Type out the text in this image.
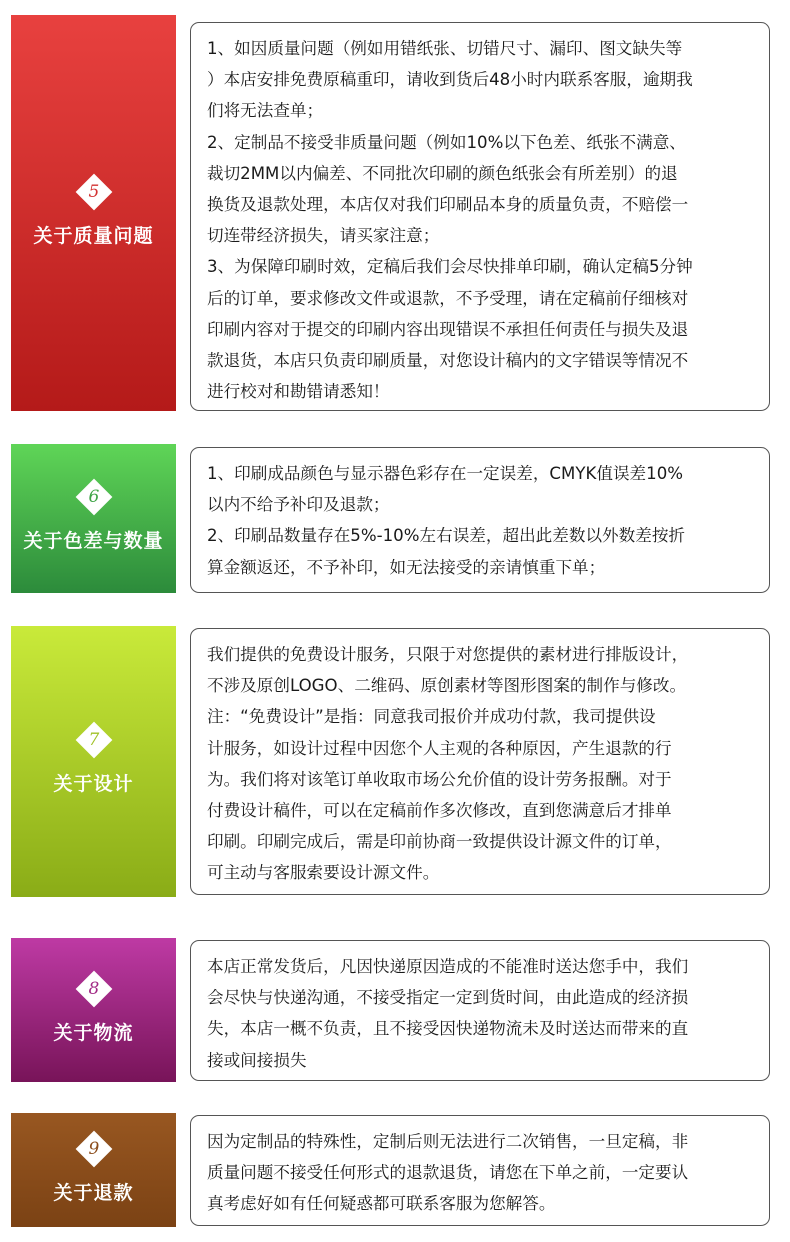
5
关于质量问题

1、如因质量问题（例如用错纸张、切错尺寸、漏印、图文缺失等
）本店安排免费原稿重印，请收到货后48小时内联系客服，逾期我
们将无法查单；
2、定制品不接受非质量问题（例如10%以下色差、纸张不满意、
裁切2MM以内偏差、不同批次印刷的颜色纸张会有所差别）的退
换货及退款处理，本店仅对我们印刷品本身的质量负责，不赔偿一
切连带经济损失，请买家注意；
3、为保障印刷时效，定稿后我们会尽快排单印刷，确认定稿5分钟
后的订单，要求修改文件或退款，不予受理，请在定稿前仔细核对
印刷内容对于提交的印刷内容出现错误不承担任何责任与损失及退
款退货，本店只负责印刷质量，对您设计稿内的文字错误等情况不
进行校对和勘错请悉知！

6
关于色差与数量

1、印刷成品颜色与显示器色彩存在一定误差，CMYK值误差10%
以内不给予补印及退款；
2、印刷品数量存在5%-10%左右误差，超出此差数以外数差按折
算金额返还，不予补印，如无法接受的亲请慎重下单；

7
关于设计

我们提供的免费设计服务，只限于对您提供的素材进行排版设计，
不涉及原创LOGO、二维码、原创素材等图形图案的制作与修改。
注：“免费设计”是指：同意我司报价并成功付款，我司提供设
计服务，如设计过程中因您个人主观的各种原因，产生退款的行
为。我们将对该笔订单收取市场公允价值的设计劳务报酬。对于
付费设计稿件，可以在定稿前作多次修改，直到您满意后才排单
印刷。印刷完成后，需是印前协商一致提供设计源文件的订单，
可主动与客服索要设计源文件。

8
关于物流

本店正常发货后，凡因快递原因造成的不能准时送达您手中，我们
会尽快与快递沟通，不接受指定一定到货时间，由此造成的经济损
失，本店一概不负责，且不接受因快递物流未及时送达而带来的直
接或间接损失

9
关于退款

因为定制品的特殊性，定制后则无法进行二次销售，一旦定稿，非
质量问题不接受任何形式的退款退货，请您在下单之前，一定要认
真考虑好如有任何疑惑都可联系客服为您解答。
